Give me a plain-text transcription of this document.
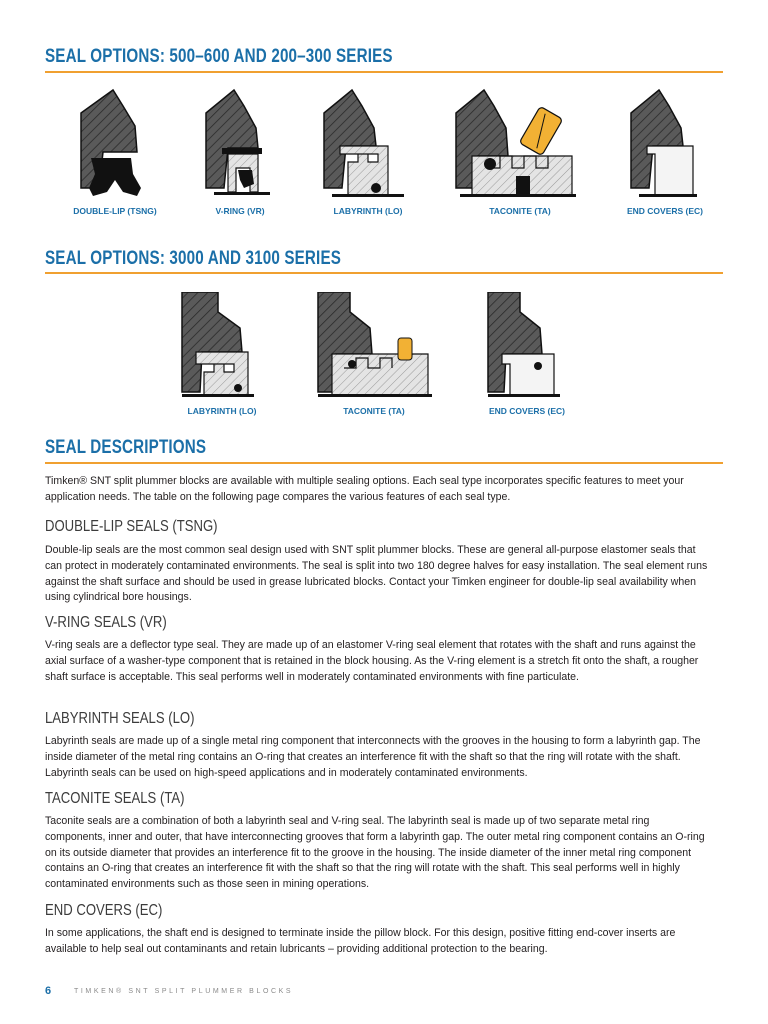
SEAL OPTIONS: 500–600 AND 200–300 SERIES
DOUBLE-LIP (TSNG)	V-RING (VR)	LABYRINTH (LO)	TACONITE (TA)	END COVERS (EC)
SEAL OPTIONS: 3000 AND 3100 SERIES
LABYRINTH (LO)	TACONITE (TA)	END COVERS (EC)
SEAL DESCRIPTIONS
Timken® SNT split plummer blocks are available with multiple sealing options. Each seal type incorporates specific features to meet your application needs. The table on the following page compares the various features of each seal type.
DOUBLE-LIP SEALS (TSNG)
Double-lip seals are the most common seal design used with SNT split plummer blocks. These are general all-purpose elastomer seals that can protect in moderately contaminated environments. The seal is split into two 180 degree halves for easy installation. The seal element runs against the shaft surface and should be used in grease lubricated blocks. Contact your Timken engineer for double-lip seal availability when using cylindrical bore housings.
V-RING SEALS (VR)
V-ring seals are a deflector type seal. They are made up of an elastomer V-ring seal element that rotates with the shaft and runs against the axial surface of a washer-type component that is retained in the block housing. As the V-ring element is a stretch fit onto the shaft, a rougher shaft surface is acceptable. This seal performs well in moderately contaminated environments with fine particulate.
LABYRINTH SEALS (LO)
Labyrinth seals are made up of a single metal ring component that interconnects with the grooves in the housing to form a labyrinth gap. The inside diameter of the metal ring contains an O-ring that creates an interference fit with the shaft so that the ring will rotate with the shaft. Labyrinth seals can be used on high-speed applications and in moderately contaminated environments.
TACONITE SEALS (TA)
Taconite seals are a combination of both a labyrinth seal and V-ring seal. The labyrinth seal is made up of two separate metal ring components, inner and outer, that have interconnecting grooves that form a labyrinth gap. The outer metal ring component contains an O-ring on its outside diameter that provides an interference fit to the groove in the housing. The inside diameter of the inner metal ring component contains an O-ring that creates an interference fit with the shaft so that the ring will rotate with the shaft. This seal performs well in highly contaminated environments such as those seen in mining operations.
END COVERS (EC)
In some applications, the shaft end is designed to terminate inside the pillow block. For this design, positive fitting end-cover inserts are available to help seal out contaminants and retain lubricants – providing additional protection to the bearing.
6	TIMKEN® SNT SPLIT PLUMMER BLOCKS
